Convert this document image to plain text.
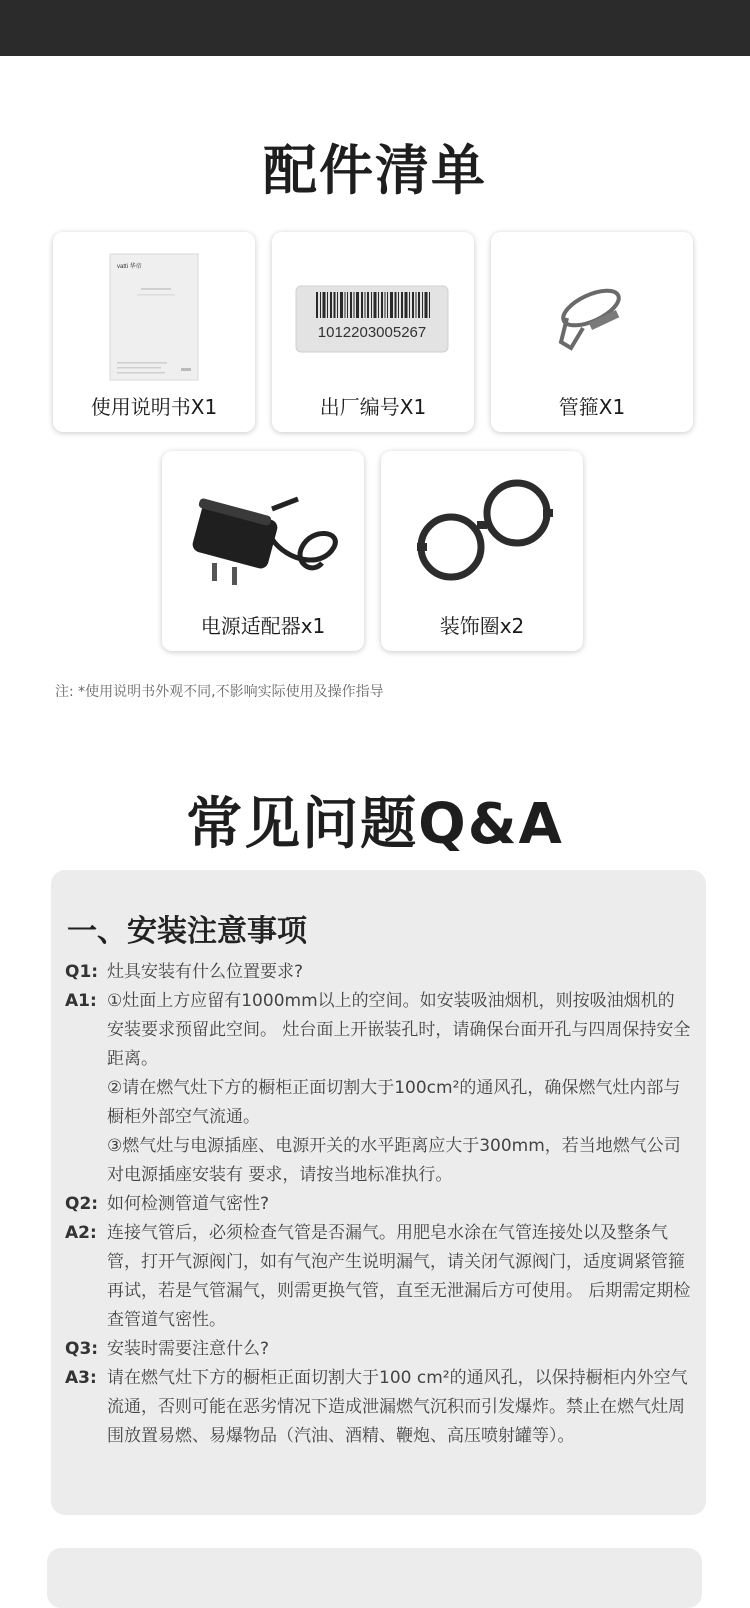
配件清单
vatti 华帝
使用说明书X1
1012203005267
出厂编号X1	管箍X1
电源适配器x1	装饰圈x2
注: *使用说明书外观不同,不影响实际使用及操作指导
常见问题Q&A
一、安装注意事项
Q1: 灶具安装有什么位置要求?

A1: ①灶面上方应留有1000mm以上的空间。如安装吸油烟机，则按吸油烟机的安装要求预留此空间。 灶台面上开嵌装孔时，请确保台面开孔与四周保持安全距离。

②请在燃气灶下方的橱柜正面切割大于100cm²的通风孔，确保燃气灶内部与橱柜外部空气流通。

③燃气灶与电源插座、电源开关的水平距离应大于300mm，若当地燃气公司对电源插座安装有 要求，请按当地标准执行。

Q2: 如何检测管道气密性?

A2: 连接气管后，必须检查气管是否漏气。用肥皂水涂在气管连接处以及整条气管，打开气源阀门，如有气泡产生说明漏气，请关闭气源阀门，适度调紧管箍再试，若是气管漏气，则需更换气管，直至无泄漏后方可使用。 后期需定期检查管道气密性。

Q3: 安装时需要注意什么?

A3: 请在燃气灶下方的橱柜正面切割大于100 cm²的通风孔，以保持橱柜内外空气流通，否则可能在恶劣情况下造成泄漏燃气沉积而引发爆炸。禁止在燃气灶周围放置易燃、易爆物品（汽油、酒精、鞭炮、高压喷射罐等）。
